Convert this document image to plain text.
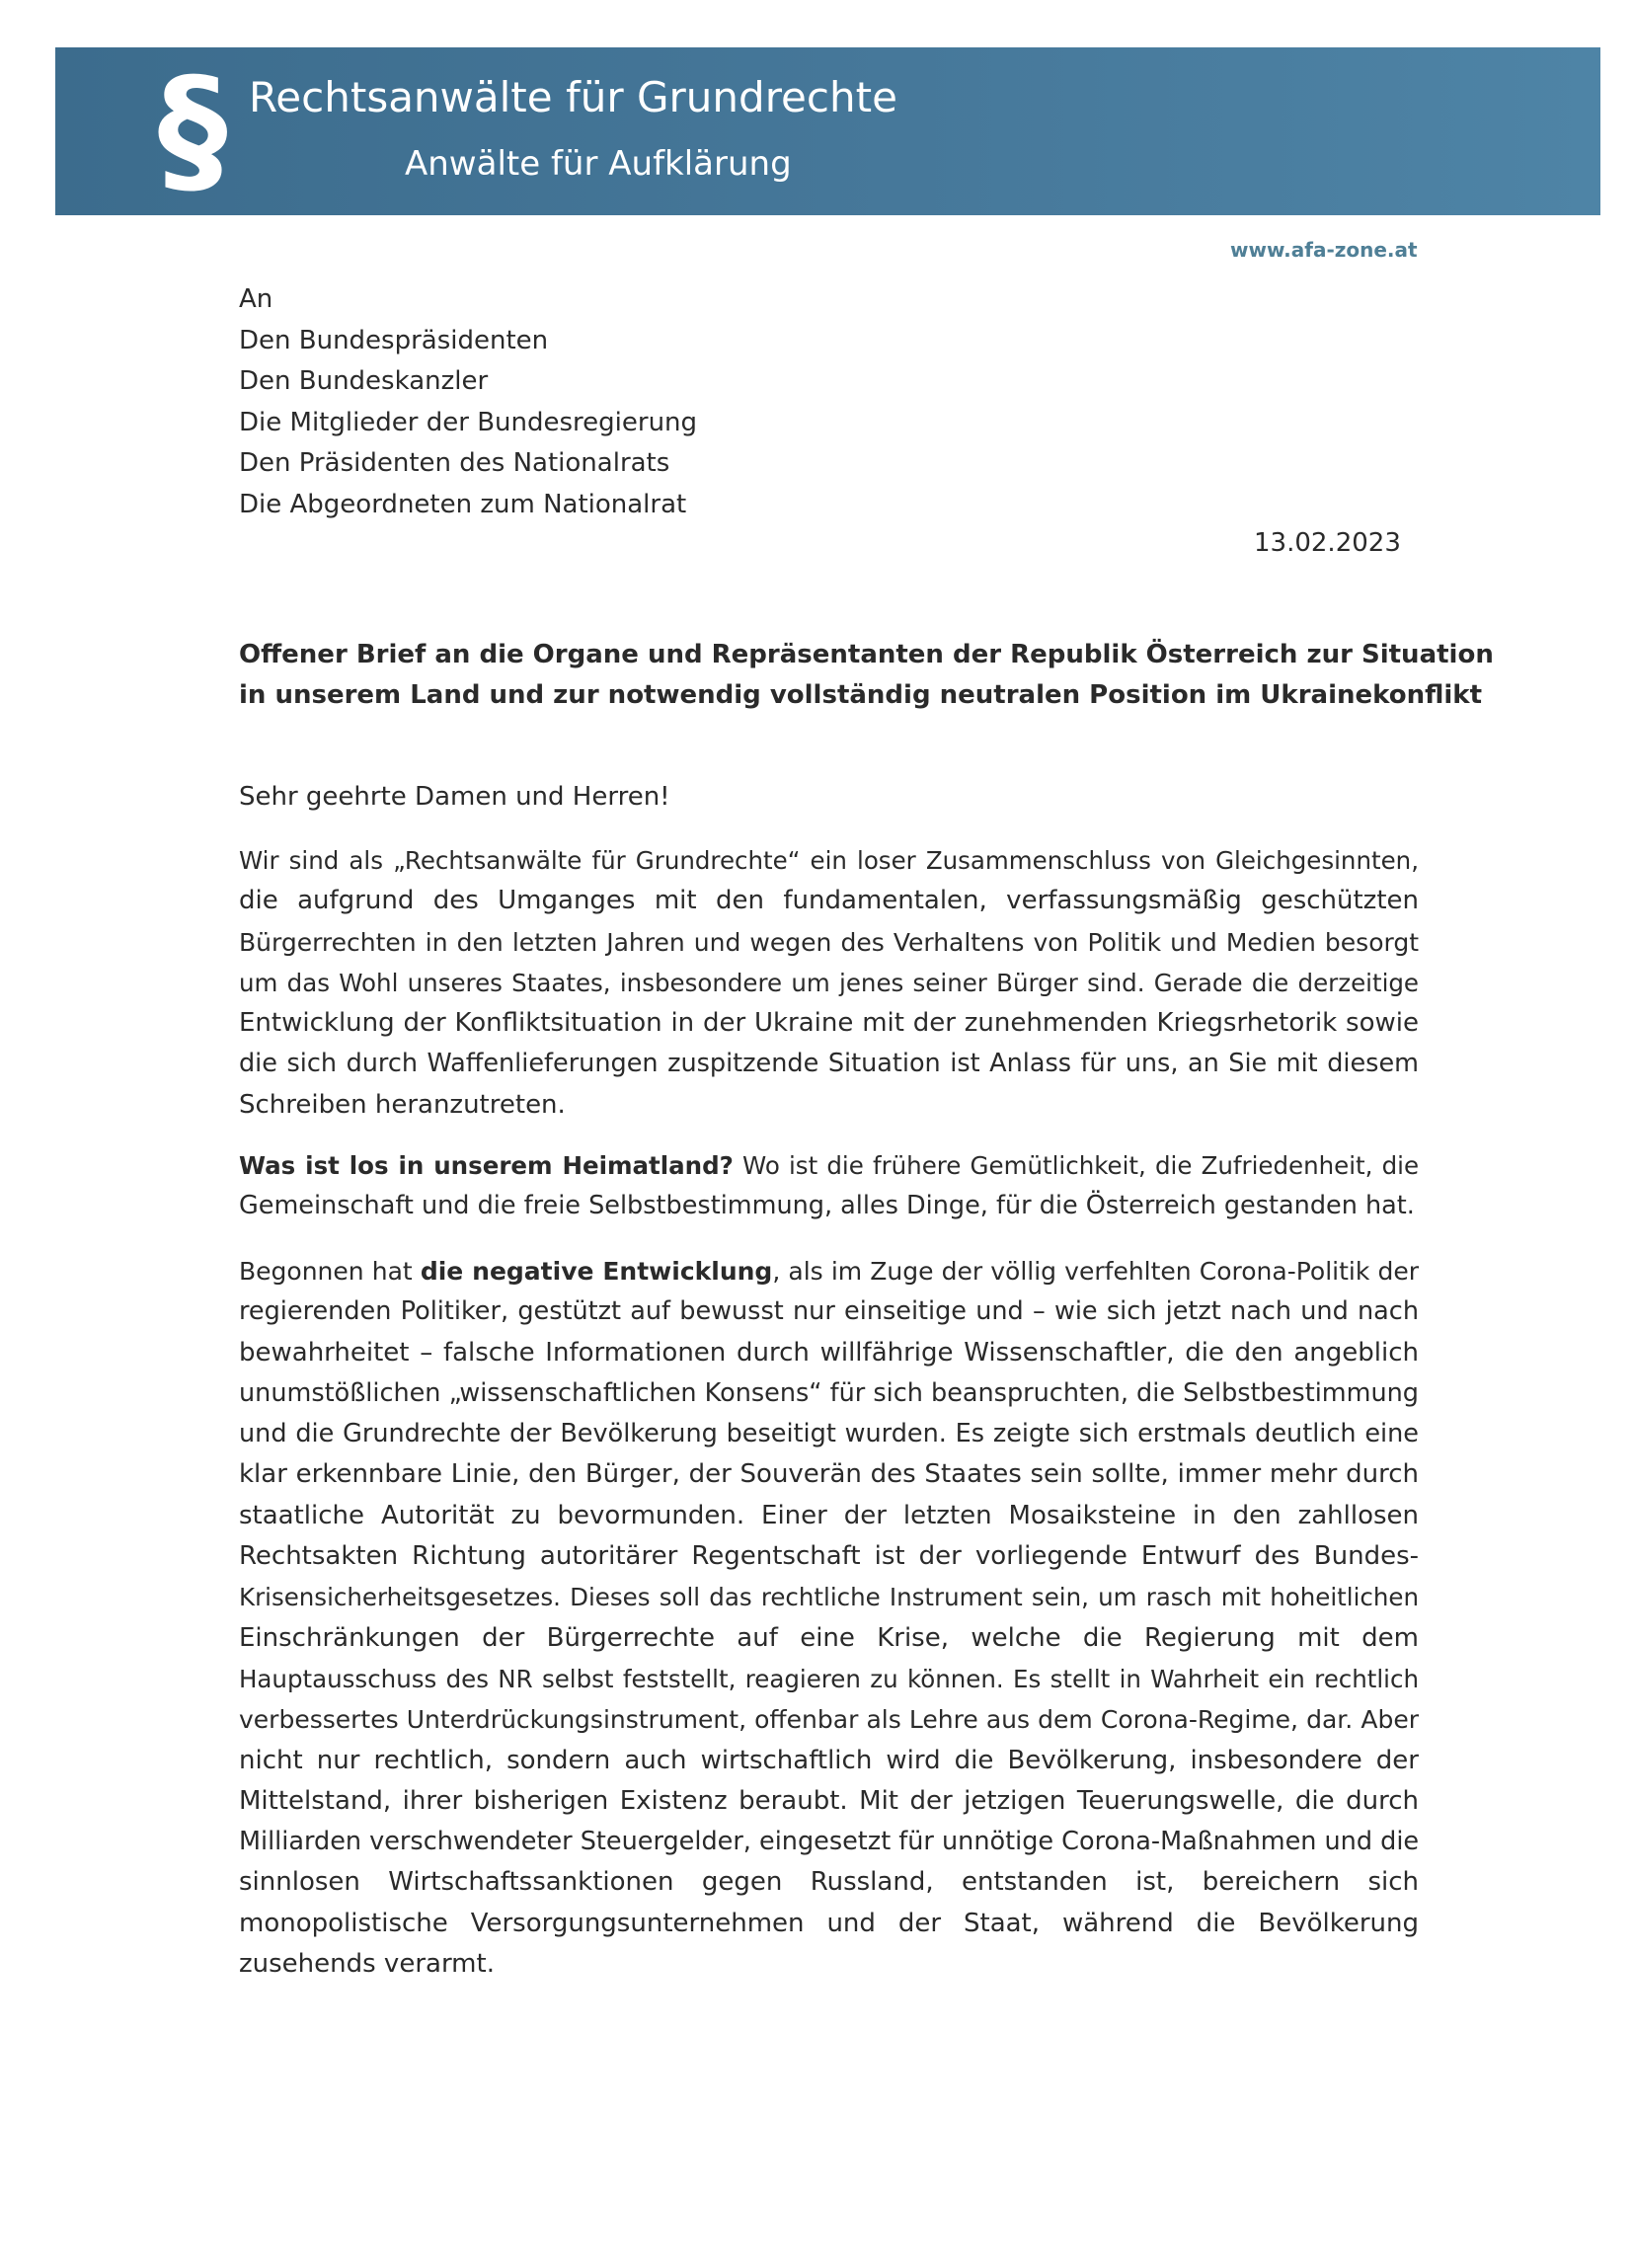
§ Rechtsanwälte für Grundrechte
Anwälte für Aufklärung
www.afa-zone.at
An
Den Bundespräsidenten
Den Bundeskanzler
Die Mitglieder der Bundesregierung
Den Präsidenten des Nationalrats
Die Abgeordneten zum Nationalrat
13.02.2023
Offener Brief an die Organe und Repräsentanten der Republik Österreich zur Situation
in unserem Land und zur notwendig vollständig neutralen Position im Ukrainekonflikt
Sehr geehrte Damen und Herren!
Wir sind als „Rechtsanwälte für Grundrechte“ ein loser Zusammenschluss von Gleichgesinnten,
die aufgrund des Umganges mit den fundamentalen, verfassungsmäßig geschützten
Bürgerrechten in den letzten Jahren und wegen des Verhaltens von Politik und Medien besorgt
um das Wohl unseres Staates, insbesondere um jenes seiner Bürger sind. Gerade die derzeitige
Entwicklung der Konfliktsituation in der Ukraine mit der zunehmenden Kriegsrhetorik sowie
die sich durch Waffenlieferungen zuspitzende Situation ist Anlass für uns, an Sie mit diesem
Schreiben heranzutreten.
Was ist los in unserem Heimatland? Wo ist die frühere Gemütlichkeit, die Zufriedenheit, die
Gemeinschaft und die freie Selbstbestimmung, alles Dinge, für die Österreich gestanden hat.
Begonnen hat die negative Entwicklung, als im Zuge der völlig verfehlten Corona-Politik der
regierenden Politiker, gestützt auf bewusst nur einseitige und – wie sich jetzt nach und nach
bewahrheitet – falsche Informationen durch willfährige Wissenschaftler, die den angeblich
unumstößlichen „wissenschaftlichen Konsens“ für sich beanspruchten, die Selbstbestimmung
und die Grundrechte der Bevölkerung beseitigt wurden. Es zeigte sich erstmals deutlich eine
klar erkennbare Linie, den Bürger, der Souverän des Staates sein sollte, immer mehr durch
staatliche Autorität zu bevormunden. Einer der letzten Mosaiksteine in den zahllosen
Rechtsakten Richtung autoritärer Regentschaft ist der vorliegende Entwurf des Bundes-
Krisensicherheitsgesetzes. Dieses soll das rechtliche Instrument sein, um rasch mit hoheitlichen
Einschränkungen der Bürgerrechte auf eine Krise, welche die Regierung mit dem
Hauptausschuss des NR selbst feststellt, reagieren zu können. Es stellt in Wahrheit ein rechtlich
verbessertes Unterdrückungsinstrument, offenbar als Lehre aus dem Corona-Regime, dar. Aber
nicht nur rechtlich, sondern auch wirtschaftlich wird die Bevölkerung, insbesondere der
Mittelstand, ihrer bisherigen Existenz beraubt. Mit der jetzigen Teuerungswelle, die durch
Milliarden verschwendeter Steuergelder, eingesetzt für unnötige Corona-Maßnahmen und die
sinnlosen Wirtschaftssanktionen gegen Russland, entstanden ist, bereichern sich
monopolistische Versorgungsunternehmen und der Staat, während die Bevölkerung
zusehends verarmt.
